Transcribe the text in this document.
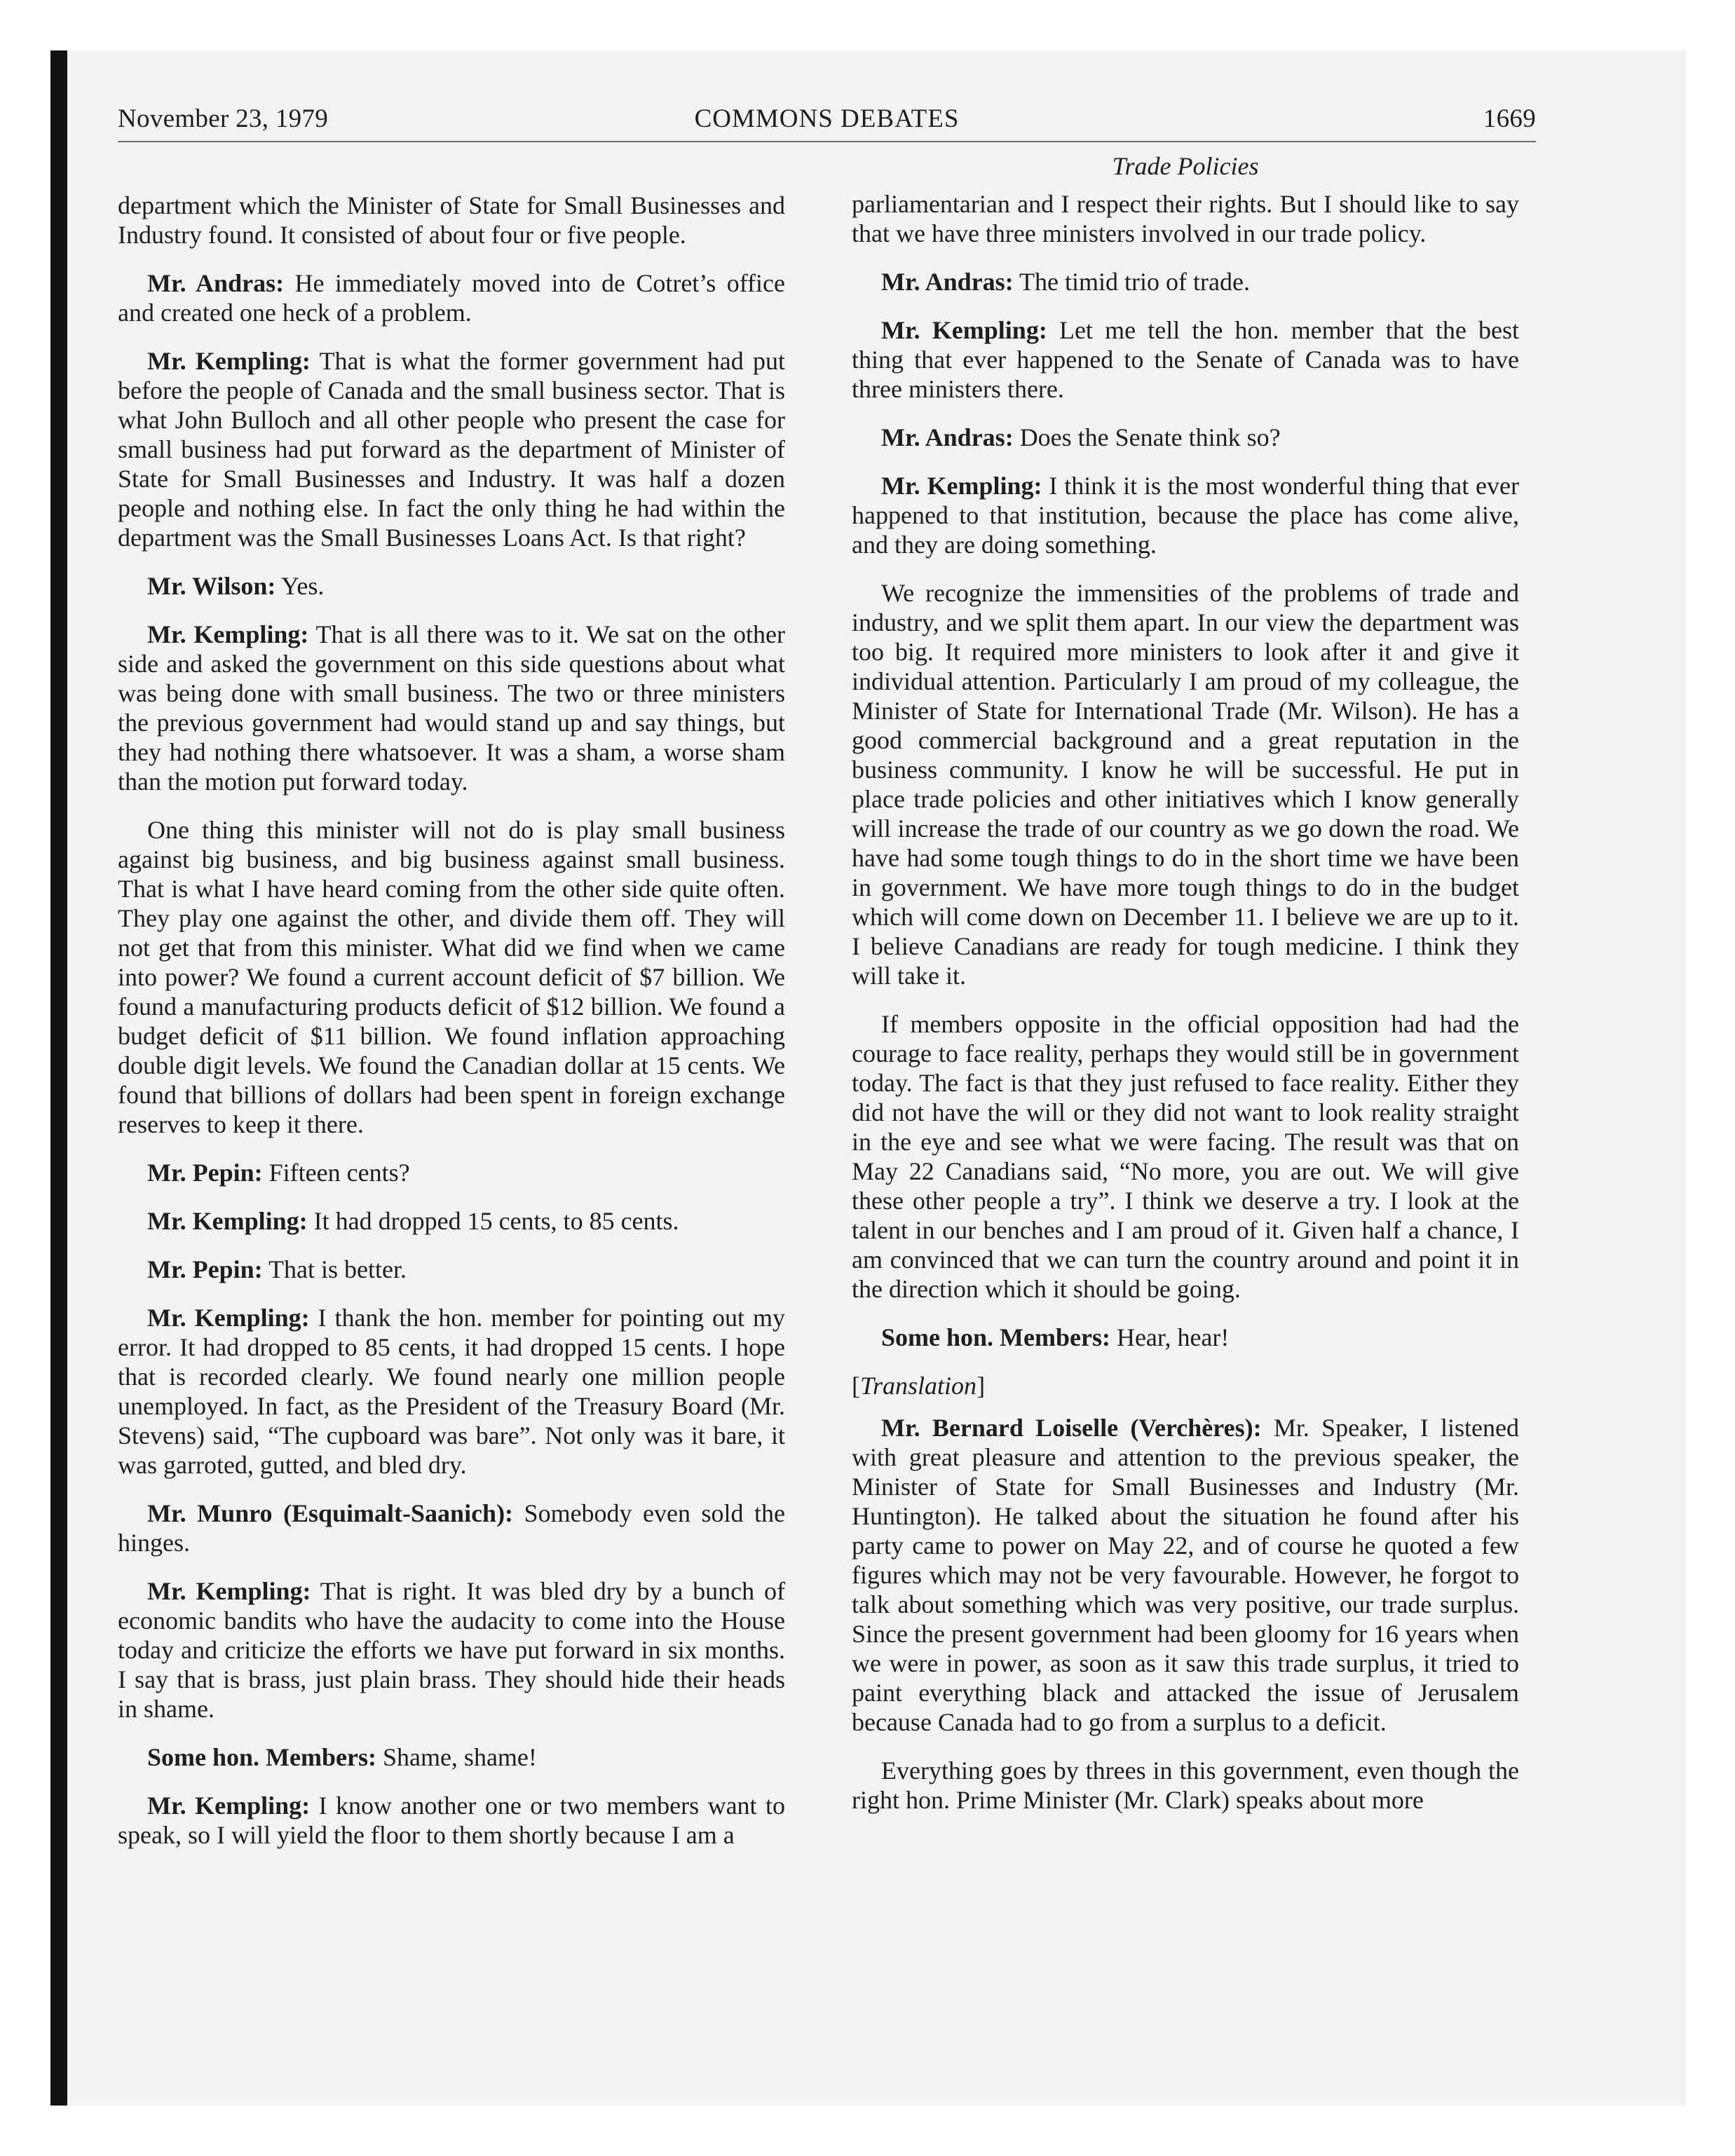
November 23, 1979	COMMONS DEBATES	1669

department which the Minister of State for Small Businesses and Industry found. It consisted of about four or five people.

Mr. Andras: He immediately moved into de Cotret’s office and created one heck of a problem.

Mr. Kempling: That is what the former government had put before the people of Canada and the small business sector. That is what John Bulloch and all other people who present the case for small business had put forward as the department of Minister of State for Small Businesses and Industry. It was half a dozen people and nothing else. In fact the only thing he had within the department was the Small Businesses Loans Act. Is that right?

Mr. Wilson: Yes.

Mr. Kempling: That is all there was to it. We sat on the other side and asked the government on this side questions about what was being done with small business. The two or three ministers the previous government had would stand up and say things, but they had nothing there whatsoever. It was a sham, a worse sham than the motion put forward today.

One thing this minister will not do is play small business against big business, and big business against small business. That is what I have heard coming from the other side quite often. They play one against the other, and divide them off. They will not get that from this minister. What did we find when we came into power? We found a current account deficit of $7 billion. We found a manufacturing products deficit of $12 billion. We found a budget deficit of $11 billion. We found inflation approaching double digit levels. We found the Canadian dollar at 15 cents. We found that billions of dollars had been spent in foreign exchange reserves to keep it there.

Mr. Pepin: Fifteen cents?

Mr. Kempling: It had dropped 15 cents, to 85 cents.

Mr. Pepin: That is better.

Mr. Kempling: I thank the hon. member for pointing out my error. It had dropped to 85 cents, it had dropped 15 cents. I hope that is recorded clearly. We found nearly one million people unemployed. In fact, as the President of the Treasury Board (Mr. Stevens) said, “The cupboard was bare”. Not only was it bare, it was garroted, gutted, and bled dry.

Mr. Munro (Esquimalt-Saanich): Somebody even sold the hinges.

Mr. Kempling: That is right. It was bled dry by a bunch of economic bandits who have the audacity to come into the House today and criticize the efforts we have put forward in six months. I say that is brass, just plain brass. They should hide their heads in shame.

Some hon. Members: Shame, shame!

Mr. Kempling: I know another one or two members want to speak, so I will yield the floor to them shortly because I am a

Trade Policies

parliamentarian and I respect their rights. But I should like to say that we have three ministers involved in our trade policy.

Mr. Andras: The timid trio of trade.

Mr. Kempling: Let me tell the hon. member that the best thing that ever happened to the Senate of Canada was to have three ministers there.

Mr. Andras: Does the Senate think so?

Mr. Kempling: I think it is the most wonderful thing that ever happened to that institution, because the place has come alive, and they are doing something.

We recognize the immensities of the problems of trade and industry, and we split them apart. In our view the department was too big. It required more ministers to look after it and give it individual attention. Particularly I am proud of my colleague, the Minister of State for International Trade (Mr. Wilson). He has a good commercial background and a great reputation in the business community. I know he will be successful. He put in place trade policies and other initiatives which I know generally will increase the trade of our country as we go down the road. We have had some tough things to do in the short time we have been in government. We have more tough things to do in the budget which will come down on December 11. I believe we are up to it. I believe Canadians are ready for tough medicine. I think they will take it.

If members opposite in the official opposition had had the courage to face reality, perhaps they would still be in government today. The fact is that they just refused to face reality. Either they did not have the will or they did not want to look reality straight in the eye and see what we were facing. The result was that on May 22 Canadians said, “No more, you are out. We will give these other people a try”. I think we deserve a try. I look at the talent in our benches and I am proud of it. Given half a chance, I am convinced that we can turn the country around and point it in the direction which it should be going.

Some hon. Members: Hear, hear!

[Translation]

Mr. Bernard Loiselle (Verchères): Mr. Speaker, I listened with great pleasure and attention to the previous speaker, the Minister of State for Small Businesses and Industry (Mr. Huntington). He talked about the situation he found after his party came to power on May 22, and of course he quoted a few figures which may not be very favourable. However, he forgot to talk about something which was very positive, our trade surplus. Since the present government had been gloomy for 16 years when we were in power, as soon as it saw this trade surplus, it tried to paint everything black and attacked the issue of Jerusalem because Canada had to go from a surplus to a deficit.

Everything goes by threes in this government, even though the right hon. Prime Minister (Mr. Clark) speaks about more
